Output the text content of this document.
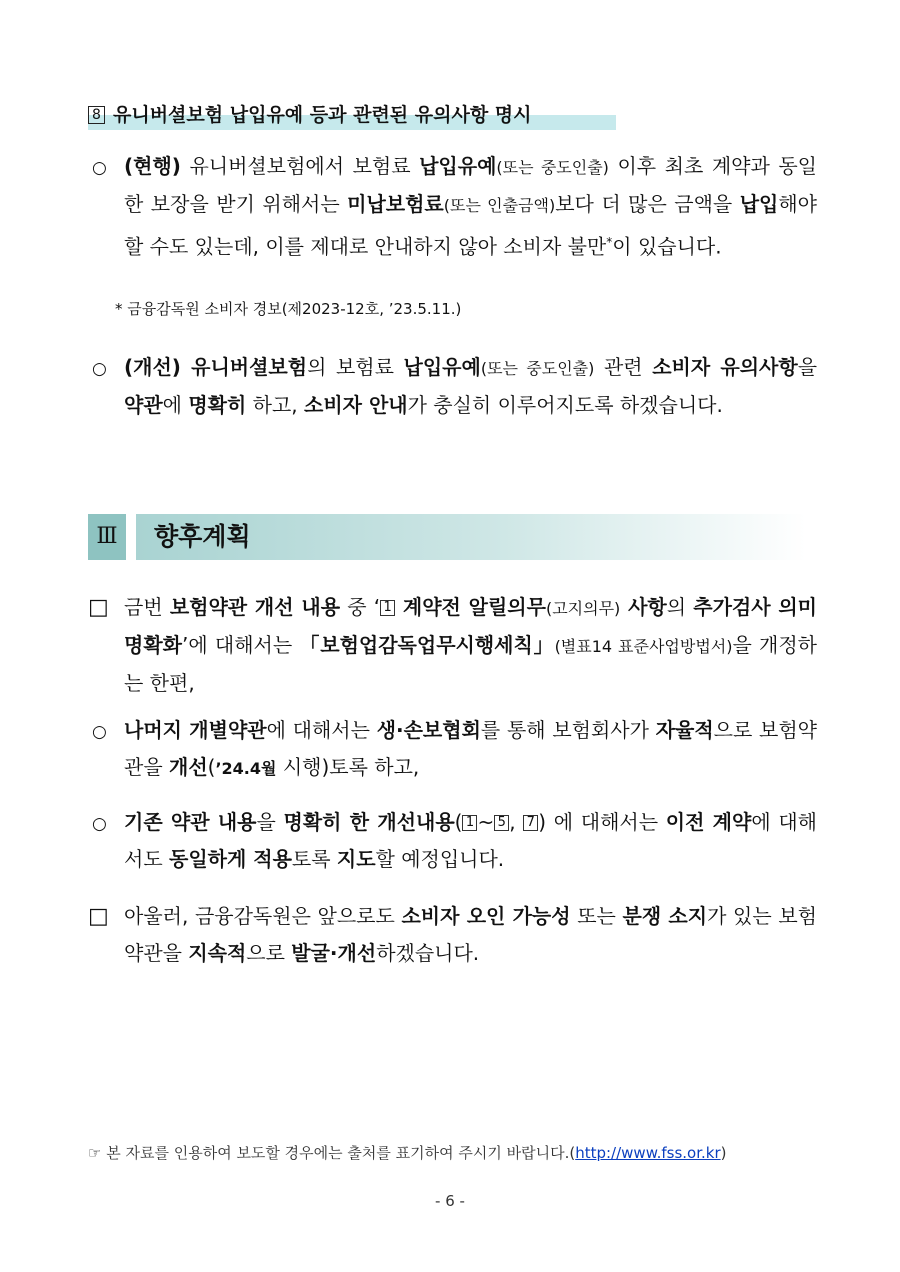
8 유니버셜보험 납입유예 등과 관련된 유의사항 명시
○ (현행) 유니버셜보험에서 보험료 납입유예(또는 중도인출) 이후 최초 계약과 동일한 보장을 받기 위해서는 미납보험료(또는 인출금액)보다 더 많은 금액을 납입해야 할 수도 있는데, 이를 제대로 안내하지 않아 소비자 불만*이 있습니다.
* 금융감독원 소비자 경보(제2023-12호, ’23.5.11.)
○ (개선) 유니버셜보험의 보험료 납입유예(또는 중도인출) 관련 소비자 유의사항을 약관에 명확히 하고, 소비자 안내가 충실히 이루어지도록 하겠습니다.
Ⅲ	향후계획
□ 금번 보험약관 개선 내용 중 ‘ 1 계약전 알릴의무(고지의무) 사항의 추가검사 의미 명확화’에 대해서는 「보험업감독업무시행세칙」(별표14 표준사업방법서)을 개정하는 한편,
○ 나머지 개별약관에 대해서는 생·손보협회를 통해 보험회사가 자율적으로 보험약관을 개선(’24.4월 시행)토록 하고,
○ 기존 약관 내용을 명확히 한 개선내용( 1 ~ 5 , 7 ) 에 대해서는 이전 계약에 대해서도 동일하게 적용토록 지도할 예정입니다.
□ 아울러, 금융감독원은 앞으로도 소비자 오인 가능성 또는 분쟁 소지가 있는 보험약관을 지속적으로 발굴·개선하겠습니다.
☞ 본 자료를 인용하여 보도할 경우에는 출처를 표기하여 주시기 바랍니다.(http://www.fss.or.kr)
- 6 -
